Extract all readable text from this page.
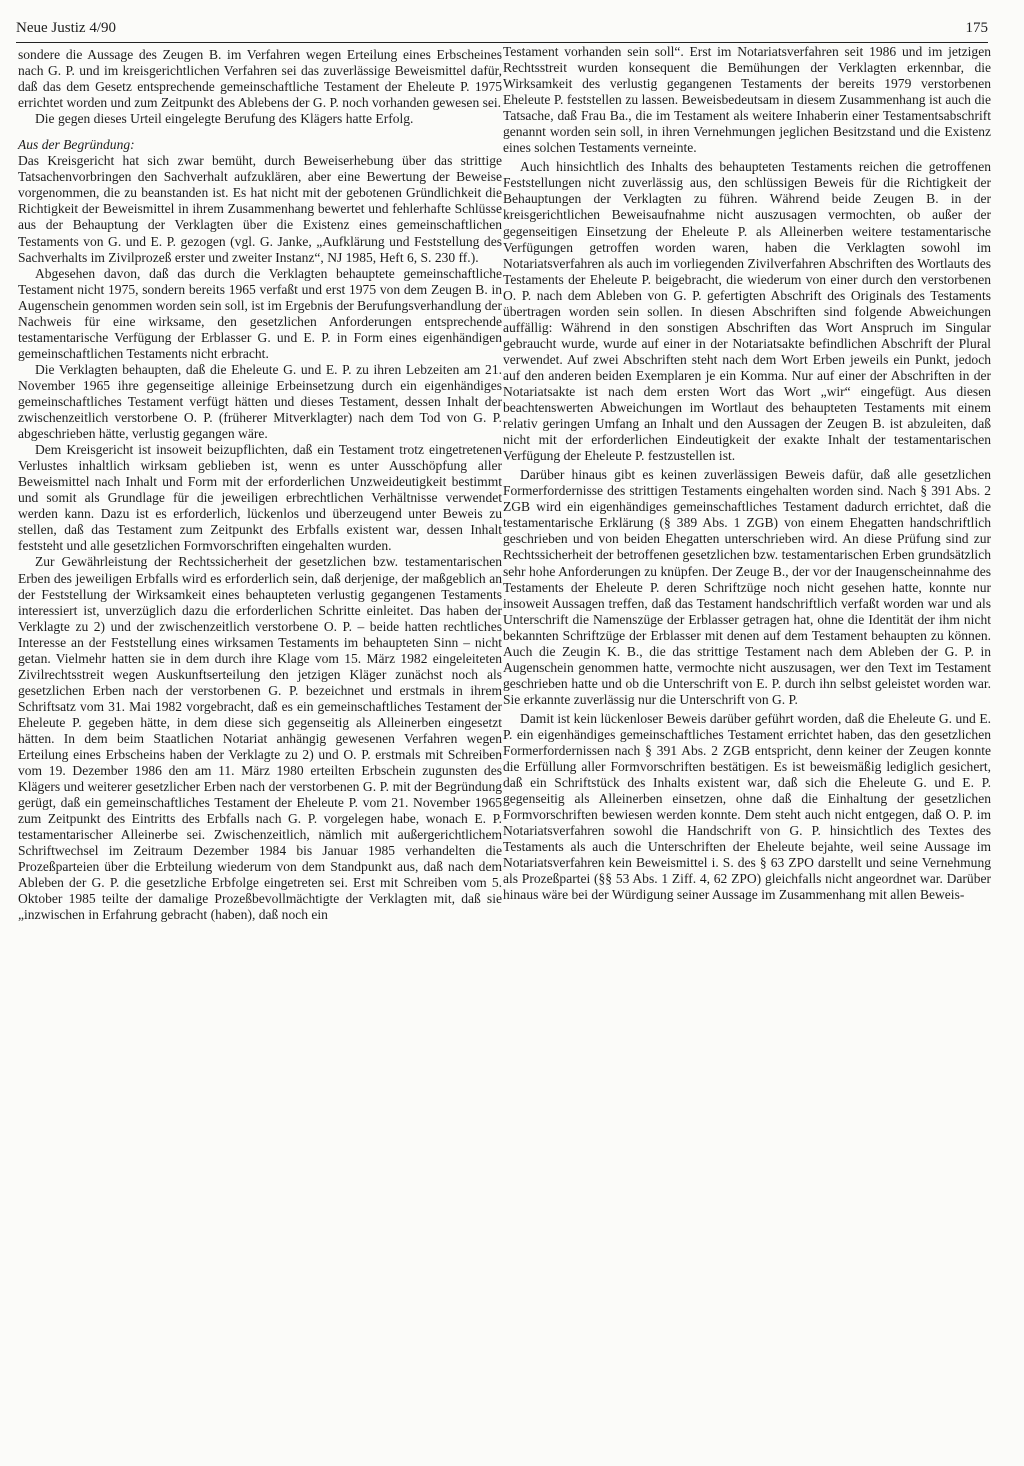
Neue Justiz 4/90	175

sondere die Aussage des Zeugen B. im Verfahren wegen Erteilung eines Erbscheines nach G. P. und im kreisgerichtlichen Verfahren sei das zuverlässige Beweismittel dafür, daß das dem Gesetz entsprechende gemeinschaftliche Testament der Eheleute P. 1975 errichtet worden und zum Zeitpunkt des Ablebens der G. P. noch vorhanden gewesen sei.

Die gegen dieses Urteil eingelegte Berufung des Klägers hatte Erfolg.

Aus der Begründung:

Das Kreisgericht hat sich zwar bemüht, durch Beweiserhebung über das strittige Tatsachenvorbringen den Sachverhalt aufzuklären, aber eine Bewertung der Beweise vorgenommen, die zu beanstanden ist. Es hat nicht mit der gebotenen Gründlichkeit die Richtigkeit der Beweismittel in ihrem Zusammenhang bewertet und fehlerhafte Schlüsse aus der Behauptung der Verklagten über die Existenz eines gemeinschaftlichen Testaments von G. und E. P. gezogen (vgl. G. Janke, „Aufklärung und Feststellung des Sachverhalts im Zivilprozeß erster und zweiter Instanz“, NJ 1985, Heft 6, S. 230 ff.).

Abgesehen davon, daß das durch die Verklagten behauptete gemeinschaftliche Testament nicht 1975, sondern bereits 1965 verfaßt und erst 1975 von dem Zeugen B. in Augenschein genommen worden sein soll, ist im Ergebnis der Berufungsverhandlung der Nachweis für eine wirksame, den gesetzlichen Anforderungen entsprechende testamentarische Verfügung der Erblasser G. und E. P. in Form eines eigenhändigen gemeinschaftlichen Testaments nicht erbracht.

Die Verklagten behaupten, daß die Eheleute G. und E. P. zu ihren Lebzeiten am 21. November 1965 ihre gegenseitige alleinige Erbeinsetzung durch ein eigenhändiges gemeinschaftliches Testament verfügt hätten und dieses Testament, dessen Inhalt der zwischenzeitlich verstorbene O. P. (früherer Mitverklagter) nach dem Tod von G. P. abgeschrieben hätte, verlustig gegangen wäre.

Dem Kreisgericht ist insoweit beizupflichten, daß ein Testament trotz eingetretenen Verlustes inhaltlich wirksam geblieben ist, wenn es unter Ausschöpfung aller Beweismittel nach Inhalt und Form mit der erforderlichen Unzweideutigkeit bestimmt und somit als Grundlage für die jeweiligen erbrechtlichen Verhältnisse verwendet werden kann. Dazu ist es erforderlich, lückenlos und überzeugend unter Beweis zu stellen, daß das Testament zum Zeitpunkt des Erbfalls existent war, dessen Inhalt feststeht und alle gesetzlichen Formvorschriften eingehalten wurden.

Zur Gewährleistung der Rechtssicherheit der gesetzlichen bzw. testamentarischen Erben des jeweiligen Erbfalls wird es erforderlich sein, daß derjenige, der maßgeblich an der Feststellung der Wirksamkeit eines behaupteten verlustig gegangenen Testaments interessiert ist, unverzüglich dazu die erforderlichen Schritte einleitet. Das haben der Verklagte zu 2) und der zwischenzeitlich verstorbene O. P. – beide hatten rechtliches Interesse an der Feststellung eines wirksamen Testaments im behaupteten Sinn – nicht getan. Vielmehr hatten sie in dem durch ihre Klage vom 15. März 1982 eingeleiteten Zivilrechtsstreit wegen Auskunftserteilung den jetzigen Kläger zunächst noch als gesetzlichen Erben nach der verstorbenen G. P. bezeichnet und erstmals in ihrem Schriftsatz vom 31. Mai 1982 vorgebracht, daß es ein gemeinschaftliches Testament der Eheleute P. gegeben hätte, in dem diese sich gegenseitig als Alleinerben eingesetzt hätten. In dem beim Staatlichen Notariat anhängig gewesenen Verfahren wegen Erteilung eines Erbscheins haben der Verklagte zu 2) und O. P. erstmals mit Schreiben vom 19. Dezember 1986 den am 11. März 1980 erteilten Erbschein zugunsten des Klägers und weiterer gesetzlicher Erben nach der verstorbenen G. P. mit der Begründung gerügt, daß ein gemeinschaftliches Testament der Eheleute P. vom 21. November 1965 zum Zeitpunkt des Eintritts des Erbfalls nach G. P. vorgelegen habe, wonach E. P. testamentarischer Alleinerbe sei. Zwischenzeitlich, nämlich mit außergerichtlichem Schriftwechsel im Zeitraum Dezember 1984 bis Januar 1985 verhandelten die Prozeßparteien über die Erbteilung wiederum von dem Standpunkt aus, daß nach dem Ableben der G. P. die gesetzliche Erbfolge eingetreten sei. Erst mit Schreiben vom 5. Oktober 1985 teilte der damalige Prozeßbevollmächtigte der Verklagten mit, daß sie „inzwischen in Erfahrung gebracht (haben), daß noch ein

Testament vorhanden sein soll“. Erst im Notariatsverfahren seit 1986 und im jetzigen Rechtsstreit wurden konsequent die Bemühungen der Verklagten erkennbar, die Wirksamkeit des verlustig gegangenen Testaments der bereits 1979 verstorbenen Eheleute P. feststellen zu lassen. Beweisbedeutsam in diesem Zusammenhang ist auch die Tatsache, daß Frau Ba., die im Testament als weitere Inhaberin einer Testamentsabschrift genannt worden sein soll, in ihren Vernehmungen jeglichen Besitzstand und die Existenz eines solchen Testaments verneinte.

Auch hinsichtlich des Inhalts des behaupteten Testaments reichen die getroffenen Feststellungen nicht zuverlässig aus, den schlüssigen Beweis für die Richtigkeit der Behauptungen der Verklagten zu führen. Während beide Zeugen B. in der kreisgerichtlichen Beweisaufnahme nicht auszusagen vermochten, ob außer der gegenseitigen Einsetzung der Eheleute P. als Alleinerben weitere testamentarische Verfügungen getroffen worden waren, haben die Verklagten sowohl im Notariatsverfahren als auch im vorliegenden Zivilverfahren Abschriften des Wortlauts des Testaments der Eheleute P. beigebracht, die wiederum von einer durch den verstorbenen O. P. nach dem Ableben von G. P. gefertigten Abschrift des Originals des Testaments übertragen worden sein sollen. In diesen Abschriften sind folgende Abweichungen auffällig: Während in den sonstigen Abschriften das Wort Anspruch im Singular gebraucht wurde, wurde auf einer in der Notariatsakte befindlichen Abschrift der Plural verwendet. Auf zwei Abschriften steht nach dem Wort Erben jeweils ein Punkt, jedoch auf den anderen beiden Exemplaren je ein Komma. Nur auf einer der Abschriften in der Notariatsakte ist nach dem ersten Wort das Wort „wir“ eingefügt. Aus diesen beachtenswerten Abweichungen im Wortlaut des behaupteten Testaments mit einem relativ geringen Umfang an Inhalt und den Aussagen der Zeugen B. ist abzuleiten, daß nicht mit der erforderlichen Eindeutigkeit der exakte Inhalt der testamentarischen Verfügung der Eheleute P. festzustellen ist.

Darüber hinaus gibt es keinen zuverlässigen Beweis dafür, daß alle gesetzlichen Formerfordernisse des strittigen Testaments eingehalten worden sind. Nach § 391 Abs. 2 ZGB wird ein eigenhändiges gemeinschaftliches Testament dadurch errichtet, daß die testamentarische Erklärung (§ 389 Abs. 1 ZGB) von einem Ehegatten handschriftlich geschrieben und von beiden Ehegatten unterschrieben wird. An diese Prüfung sind zur Rechtssicherheit der betroffenen gesetzlichen bzw. testamentarischen Erben grundsätzlich sehr hohe Anforderungen zu knüpfen. Der Zeuge B., der vor der Inaugenscheinnahme des Testaments der Eheleute P. deren Schriftzüge noch nicht gesehen hatte, konnte nur insoweit Aussagen treffen, daß das Testament handschriftlich verfaßt worden war und als Unterschrift die Namenszüge der Erblasser getragen hat, ohne die Identität der ihm nicht bekannten Schriftzüge der Erblasser mit denen auf dem Testament behaupten zu können. Auch die Zeugin K. B., die das strittige Testament nach dem Ableben der G. P. in Augenschein genommen hatte, vermochte nicht auszusagen, wer den Text im Testament geschrieben hatte und ob die Unterschrift von E. P. durch ihn selbst geleistet worden war. Sie erkannte zuverlässig nur die Unterschrift von G. P.

Damit ist kein lückenloser Beweis darüber geführt worden, daß die Eheleute G. und E. P. ein eigenhändiges gemeinschaftliches Testament errichtet haben, das den gesetzlichen Formerfordernissen nach § 391 Abs. 2 ZGB entspricht, denn keiner der Zeugen konnte die Erfüllung aller Formvorschriften bestätigen. Es ist beweismäßig lediglich gesichert, daß ein Schriftstück des Inhalts existent war, daß sich die Eheleute G. und E. P. gegenseitig als Alleinerben einsetzen, ohne daß die Einhaltung der gesetzlichen Formvorschriften bewiesen werden konnte. Dem steht auch nicht entgegen, daß O. P. im Notariatsverfahren sowohl die Handschrift von G. P. hinsichtlich des Textes des Testaments als auch die Unterschriften der Eheleute bejahte, weil seine Aussage im Notariatsverfahren kein Beweismittel i. S. des § 63 ZPO darstellt und seine Vernehmung als Prozeßpartei (§§ 53 Abs. 1 Ziff. 4, 62 ZPO) gleichfalls nicht angeordnet war. Darüber hinaus wäre bei der Würdigung seiner Aussage im Zusammenhang mit allen Beweis-
